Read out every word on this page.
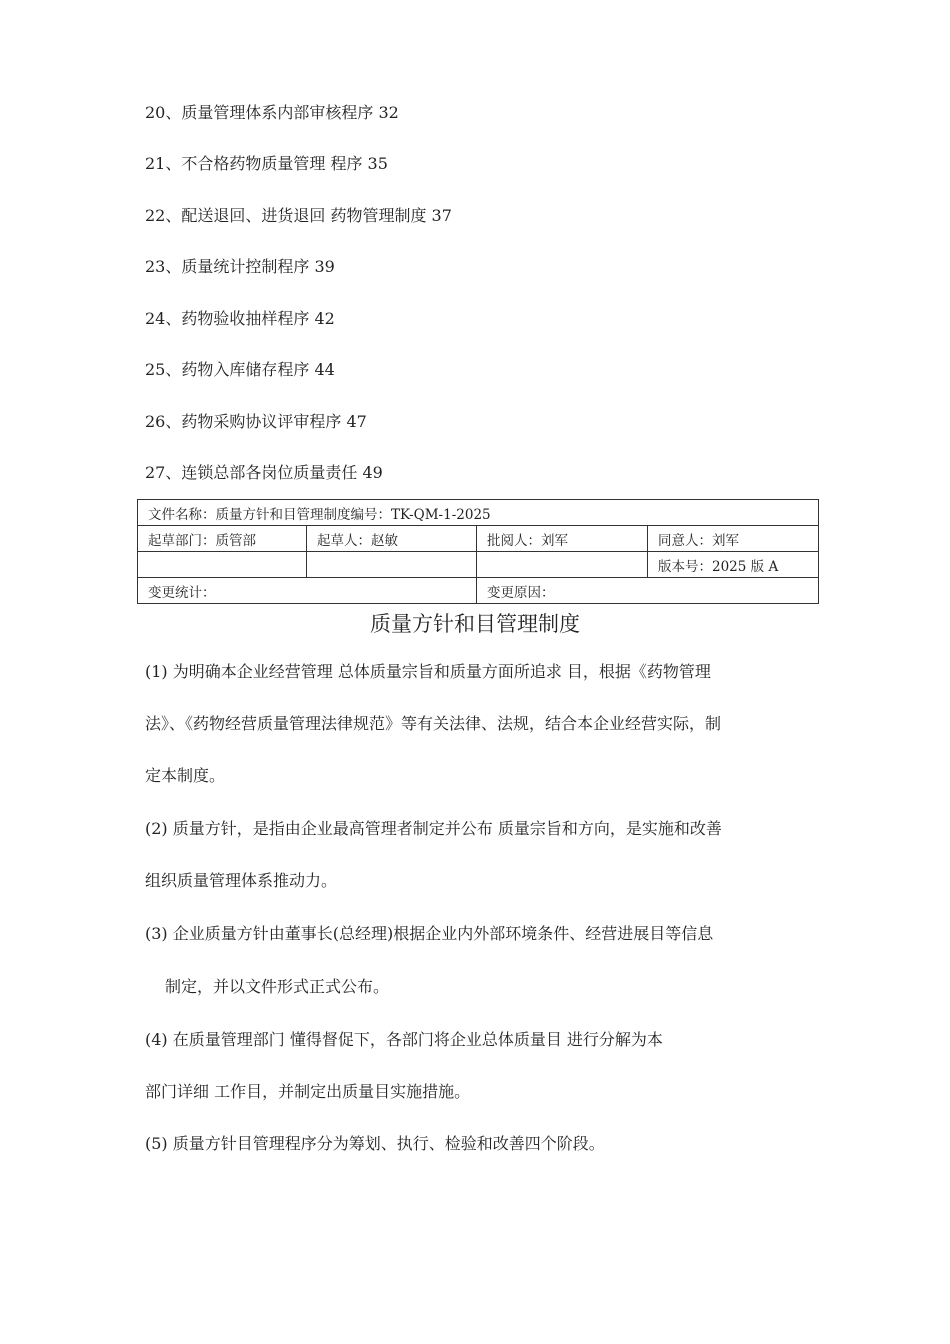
20、质量管理体系内部审核程序 32
21、不合格药物质量管理 程序 35
22、配送退回、进货退回 药物管理制度 37
23、质量统计控制程序 39
24、药物验收抽样程序 42
25、药物入库储存程序 44
26、药物采购协议评审程序 47
27、连锁总部各岗位质量责任 49
文件名称：质量方针和目管理制度编号：TK-QM-1-2025			
起草部门：质管部	起草人：赵敏	批阅人：刘军	同意人：刘军
			版本号：2025 版 A
变更统计：		变更原因：	
质量方针和目管理制度
(1) 为明确本企业经营管理 总体质量宗旨和质量方面所追求 目，根据《药物管理
法》、《药物经营质量管理法律规范》等有关法律、法规，结合本企业经营实际，制
定本制度。
(2) 质量方针，是指由企业最高管理者制定并公布 质量宗旨和方向，是实施和改善
组织质量管理体系推动力。
(3) 企业质量方针由董事长(总经理)根据企业内外部环境条件、经营进展目等信息
制定，并以文件形式正式公布。
(4) 在质量管理部门 懂得督促下，各部门将企业总体质量目 进行分解为本
部门详细 工作目，并制定出质量目实施措施。
(5) 质量方针目管理程序分为筹划、执行、检验和改善四个阶段。
